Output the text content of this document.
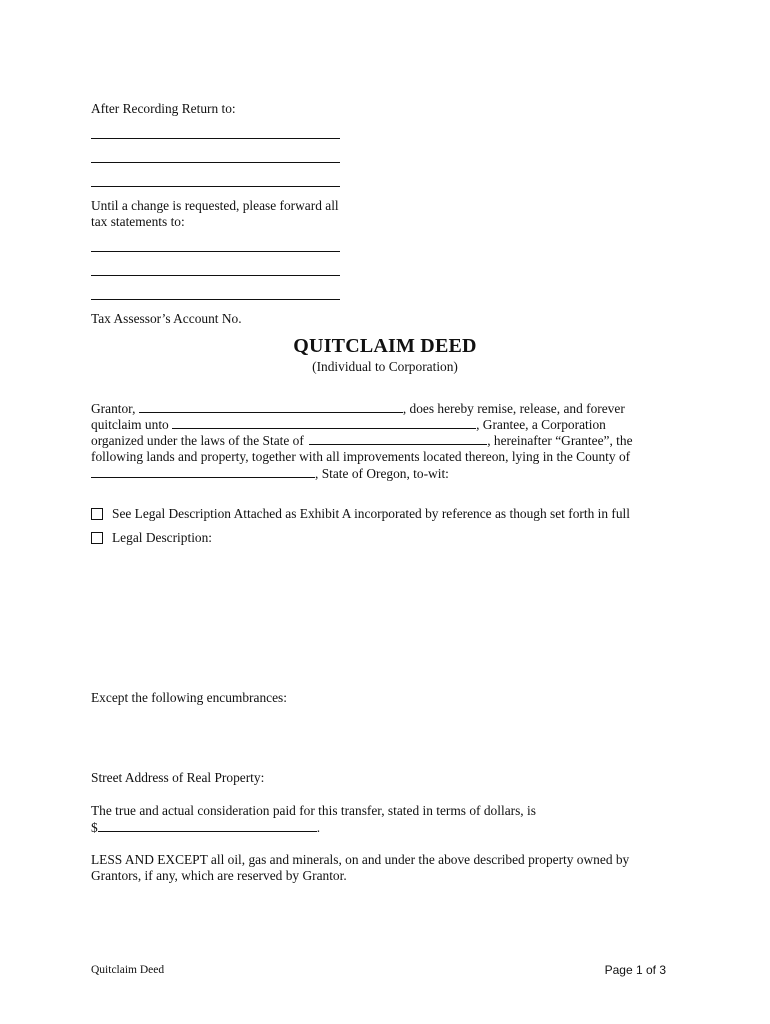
After Recording Return to:
Until a change is requested, please forward all
tax statements to:
Tax Assessor’s Account No.
QUITCLAIM DEED
(Individual to Corporation)
Grantor,	, does hereby remise, release, and forever
quitclaim unto	, Grantee, a Corporation
organized under the laws of the State of	, hereinafter “Grantee”, the
following lands and property, together with all improvements located thereon, lying in the County of
, State of Oregon, to-wit:
See Legal Description Attached as Exhibit A incorporated by reference as though set forth in full
Legal Description:
Except the following encumbrances:
Street Address of Real Property:
The true and actual consideration paid for this transfer, stated in terms of dollars, is
$	.
LESS AND EXCEPT all oil, gas and minerals, on and under the above described property owned by
Grantors, if any, which are reserved by Grantor.
Quitclaim Deed	Page 1 of 3
